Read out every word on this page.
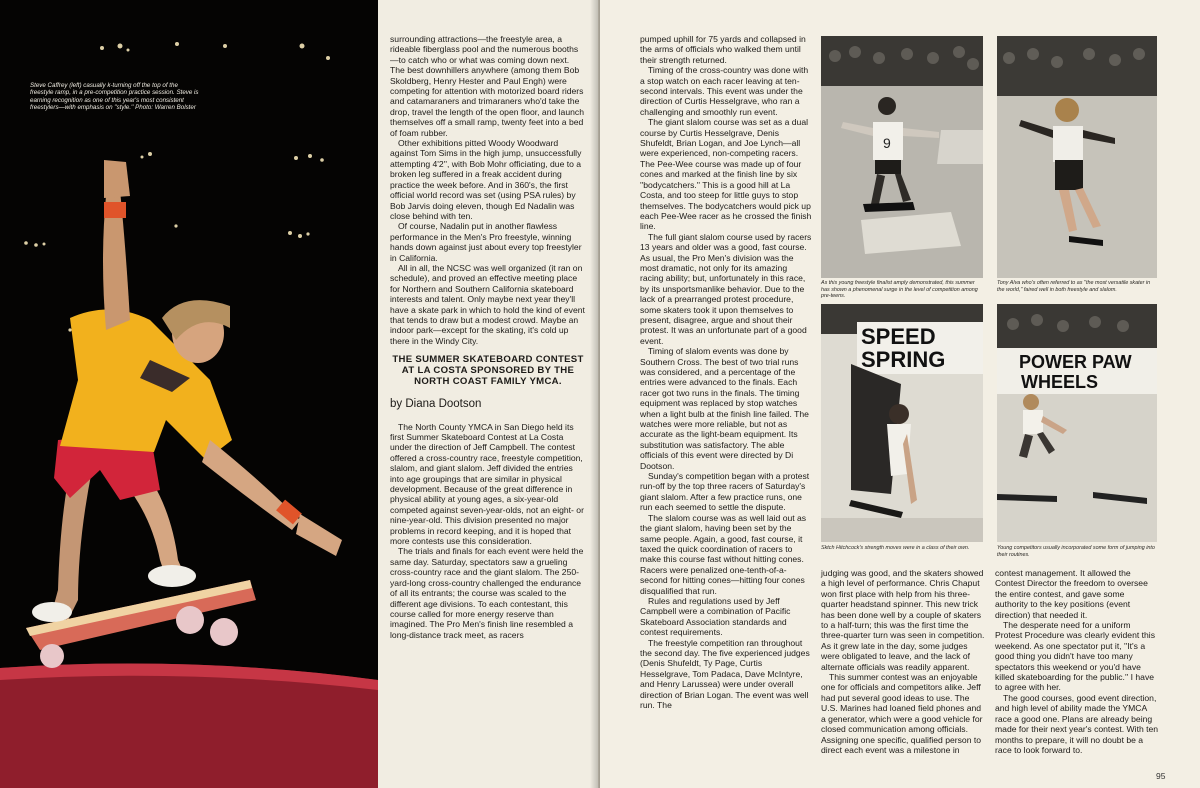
Steve Caffrey (left) casually k-turning off the top of the freestyle ramp, in a pre-competition practice session. Steve is earning recognition as one of this year's most consistent freestylers—with emphasis on ''style.'' Photo: Warren Bolster

surrounding attractions—the freestyle area, a rideable fiberglass pool and the numerous booths—to catch who or what was coming down next. The best downhillers anywhere (among them Bob Skoldberg, Henry Hester and Paul Engh) were competing for attention with motorized board riders and catamaraners and trimaraners who'd take the drop, travel the length of the open floor, and launch themselves off a small ramp, twenty feet into a bed of foam rubber.

Other exhibitions pitted Woody Woodward against Tom Sims in the high jump, unsuccessfully attempting 4'2'', with Bob Mohr officiating, due to a broken leg suffered in a freak accident during practice the week before. And in 360's, the first official world record was set (using PSA rules) by Bob Jarvis doing eleven, though Ed Nadalin was close behind with ten.

Of course, Nadalin put in another flawless performance in the Men's Pro freestyle, winning hands down against just about every top freestyler in California.

All in all, the NCSC was well organized (it ran on schedule), and proved an effective meeting place for Northern and Southern California skateboard interests and talent. Only maybe next year they'll have a skate park in which to hold the kind of event that tends to draw but a modest crowd. Maybe an indoor park—except for the skating, it's cold up there in the Windy City.

THE SUMMER SKATEBOARD CONTEST AT LA COSTA SPONSORED BY THE NORTH COAST FAMILY YMCA.
by Diana Dootson

The North County YMCA in San Diego held its first Summer Skateboard Contest at La Costa under the direction of Jeff Campbell. The contest offered a cross-country race, freestyle competition, slalom, and giant slalom. Jeff divided the entries into age groupings that are similar in physical development. Because of the great difference in physical ability at young ages, a six-year-old competed against seven-year-olds, not an eight- or nine-year-old. This division presented no major problems in record keeping, and it is hoped that more contests use this consideration.

The trials and finals for each event were held the same day. Saturday, spectators saw a grueling cross-country race and the giant slalom. The 250-yard-long cross-country challenged the endurance of all its entrants; the course was scaled to the different age divisions. To each contestant, this course called for more energy reserve than imagined. The Pro Men's finish line resembled a long-distance track meet, as racers

pumped uphill for 75 yards and collapsed in the arms of officials who walked them until their strength returned.

Timing of the cross-country was done with a stop watch on each racer leaving at ten-second intervals. This event was under the direction of Curtis Hesselgrave, who ran a challenging and smoothly run event.

The giant slalom course was set as a dual course by Curtis Hesselgrave, Denis Shufeldt, Brian Logan, and Joe Lynch—all were experienced, non-competing racers. The Pee-Wee course was made up of four cones and marked at the finish line by six ''bodycatchers.'' This is a good hill at La Costa, and too steep for little guys to stop themselves. The bodycatchers would pick up each Pee-Wee racer as he crossed the finish line.

The full giant slalom course used by racers 13 years and older was a good, fast course. As usual, the Pro Men's division was the most dramatic, not only for its amazing racing ability; but, unfortunately in this race, by its unsportsmanlike behavior. Due to the lack of a prearranged protest procedure, some skaters took it upon themselves to present, disagree, argue and shout their protest. It was an unfortunate part of a good event.

Timing of slalom events was done by Southern Cross. The best of two trial runs was considered, and a percentage of the entries were advanced to the finals. Each racer got two runs in the finals. The timing equipment was replaced by stop watches when a light bulb at the finish line failed. The watches were more reliable, but not as accurate as the light-beam equipment. Its substitution was satisfactory. The able officials of this event were directed by Di Dootson.

Sunday's competition began with a protest run-off by the top three racers of Saturday's giant slalom. After a few practice runs, one run each seemed to settle the dispute.

The slalom course was as well laid out as the giant slalom, having been set by the same people. Again, a good, fast course, it taxed the quick coordination of racers to make this course fast without hitting cones. Racers were penalized one-tenth-of-a-second for hitting cones—hitting four cones disqualified that run.

Rules and regulations used by Jeff Campbell were a combination of Pacific Skateboard Association standards and contest requirements.

The freestyle competition ran throughout the second day. The five experienced judges (Denis Shufeldt, Ty Page, Curtis Hesselgrave, Tom Padaca, Dave McIntyre, and Henry Larussea) were under overall direction of Brian Logan. The event was well run. The

9
As this young freestyle finalist amply demonstrated, this summer has shown a phenomenal surge in the level of competition among pre-teens.
Tony Alva who's often referred to as ''the most versatile skater in the world,'' faired well in both freestyle and slalom.
SPEED
SPRING
Sktch Hitchcock's strength moves were in a class of their own.
POWER PAW
WHEELS
Young competitors usually incorporated some form of jumping into their routines.

judging was good, and the skaters showed a high level of performance. Chris Chaput won first place with help from his three-quarter headstand spinner. This new trick has been done well by a couple of skaters to a half-turn; this was the first time the three-quarter turn was seen in competition. As it grew late in the day, some judges were obligated to leave, and the lack of alternate officials was readily apparent.

This summer contest was an enjoyable one for officials and competitors alike. Jeff had put several good ideas to use. The U.S. Marines had loaned field phones and a generator, which were a good vehicle for closed communication among officials. Assigning one specific, qualified person to direct each event was a milestone in

contest management. It allowed the Contest Director the freedom to oversee the entire contest, and gave some authority to the key positions (event direction) that needed it.

The desperate need for a uniform Protest Procedure was clearly evident this weekend. As one spectator put it, ''It's a good thing you didn't have too many spectators this weekend or you'd have killed skateboarding for the public.'' I have to agree with her.

The good courses, good event direction, and high level of ability made the YMCA race a good one. Plans are already being made for their next year's contest. With ten months to prepare, it will no doubt be a race to look forward to.

95
